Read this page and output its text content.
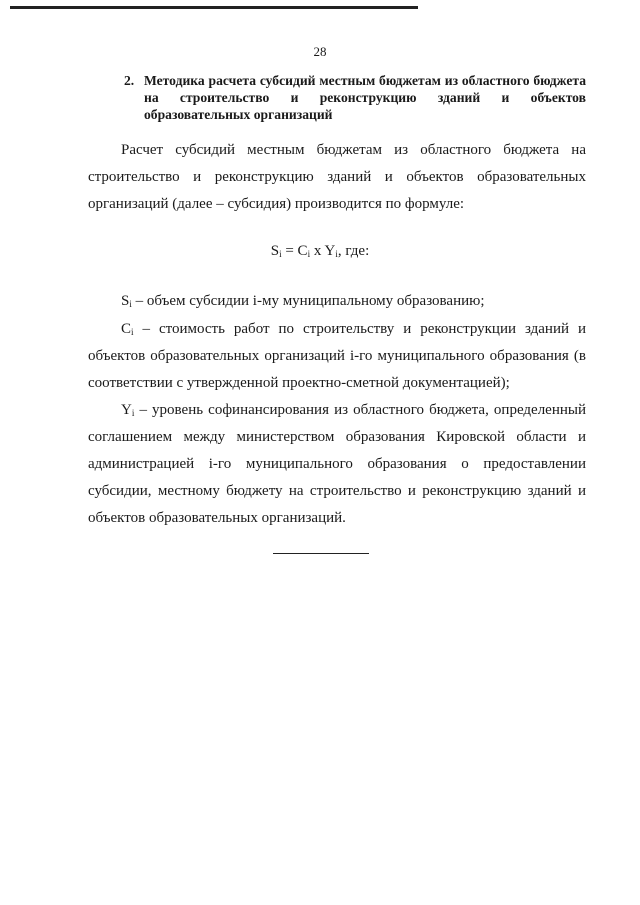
28
2. Методика расчета субсидий местным бюджетам из областного бюджета на строительство и реконструкцию зданий и объектов образовательных организаций

Расчет субсидий местным бюджетам из областного бюджета на строительство и реконструкцию зданий и объектов образовательных организаций (далее – субсидия) производится по формуле:

$S_i = C_i$ x $Y_i$, где:

$S_i$ – объем субсидии i-му муниципальному образованию;

$C_i$ – стоимость работ по строительству и реконструкции зданий и объектов образовательных организаций i-го муниципального образования (в соответствии с утвержденной проектно-сметной документацией);

$Y_i$ – уровень софинансирования из областного бюджета, определенный соглашением между министерством образования Кировской области и администрацией i-го муниципального образования о предоставлении субсидии, местному бюджету на строительство и реконструкцию зданий и объектов образовательных организаций.
